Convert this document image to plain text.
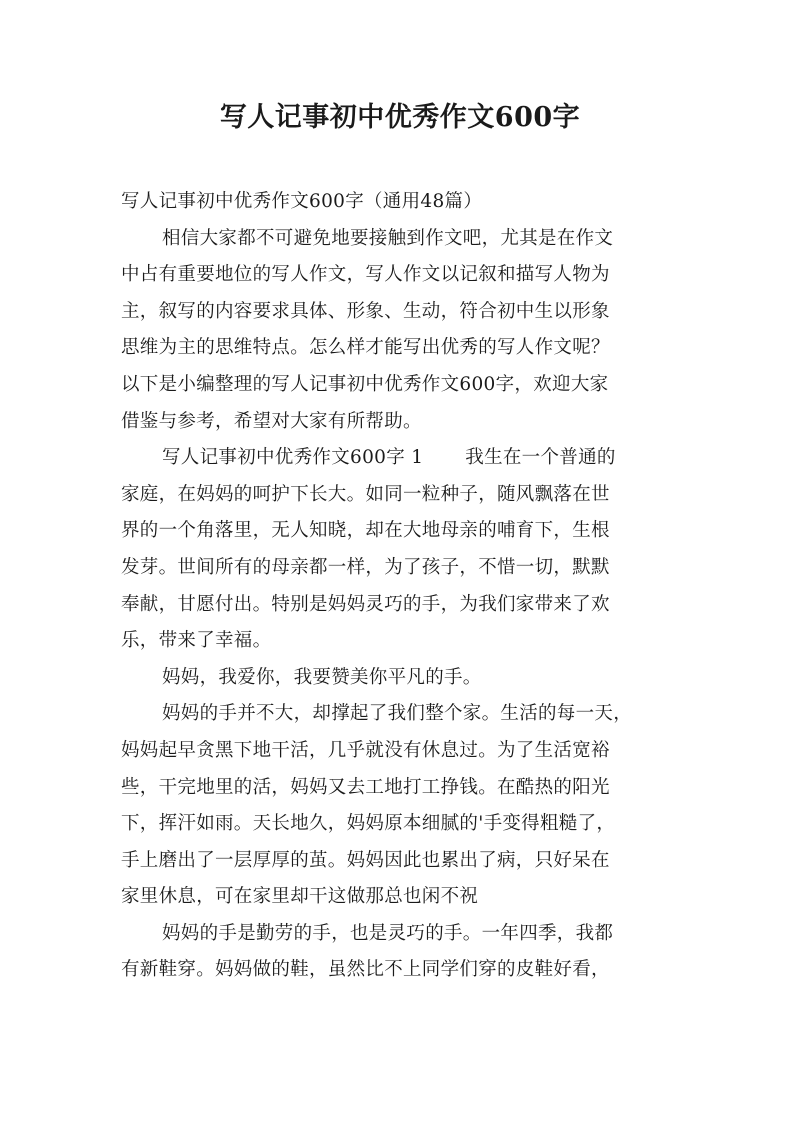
写人记事初中优秀作文600字
写人记事初中优秀作文600字（通用48篇）
相信大家都不可避免地要接触到作文吧，尤其是在作文
中占有重要地位的写人作文，写人作文以记叙和描写人物为
主，叙写的内容要求具体、形象、生动，符合初中生以形象
思维为主的思维特点。怎么样才能写出优秀的写人作文呢？
以下是小编整理的写人记事初中优秀作文600字，欢迎大家
借鉴与参考，希望对大家有所帮助。
写人记事初中优秀作文600字 1 我生在一个普通的
家庭，在妈妈的呵护下长大。如同一粒种子，随风飘落在世
界的一个角落里，无人知晓，却在大地母亲的哺育下，生根
发芽。世间所有的母亲都一样，为了孩子，不惜一切，默默
奉献，甘愿付出。特别是妈妈灵巧的手，为我们家带来了欢
乐，带来了幸福。
妈妈，我爱你，我要赞美你平凡的手。
妈妈的手并不大，却撑起了我们整个家。生活的每一天，
妈妈起早贪黑下地干活，几乎就没有休息过。为了生活宽裕
些，干完地里的活，妈妈又去工地打工挣钱。在酷热的阳光
下，挥汗如雨。天长地久，妈妈原本细腻的'手变得粗糙了，
手上磨出了一层厚厚的茧。妈妈因此也累出了病，只好呆在
家里休息，可在家里却干这做那总也闲不祝
妈妈的手是勤劳的手，也是灵巧的手。一年四季，我都
有新鞋穿。妈妈做的鞋，虽然比不上同学们穿的皮鞋好看，
